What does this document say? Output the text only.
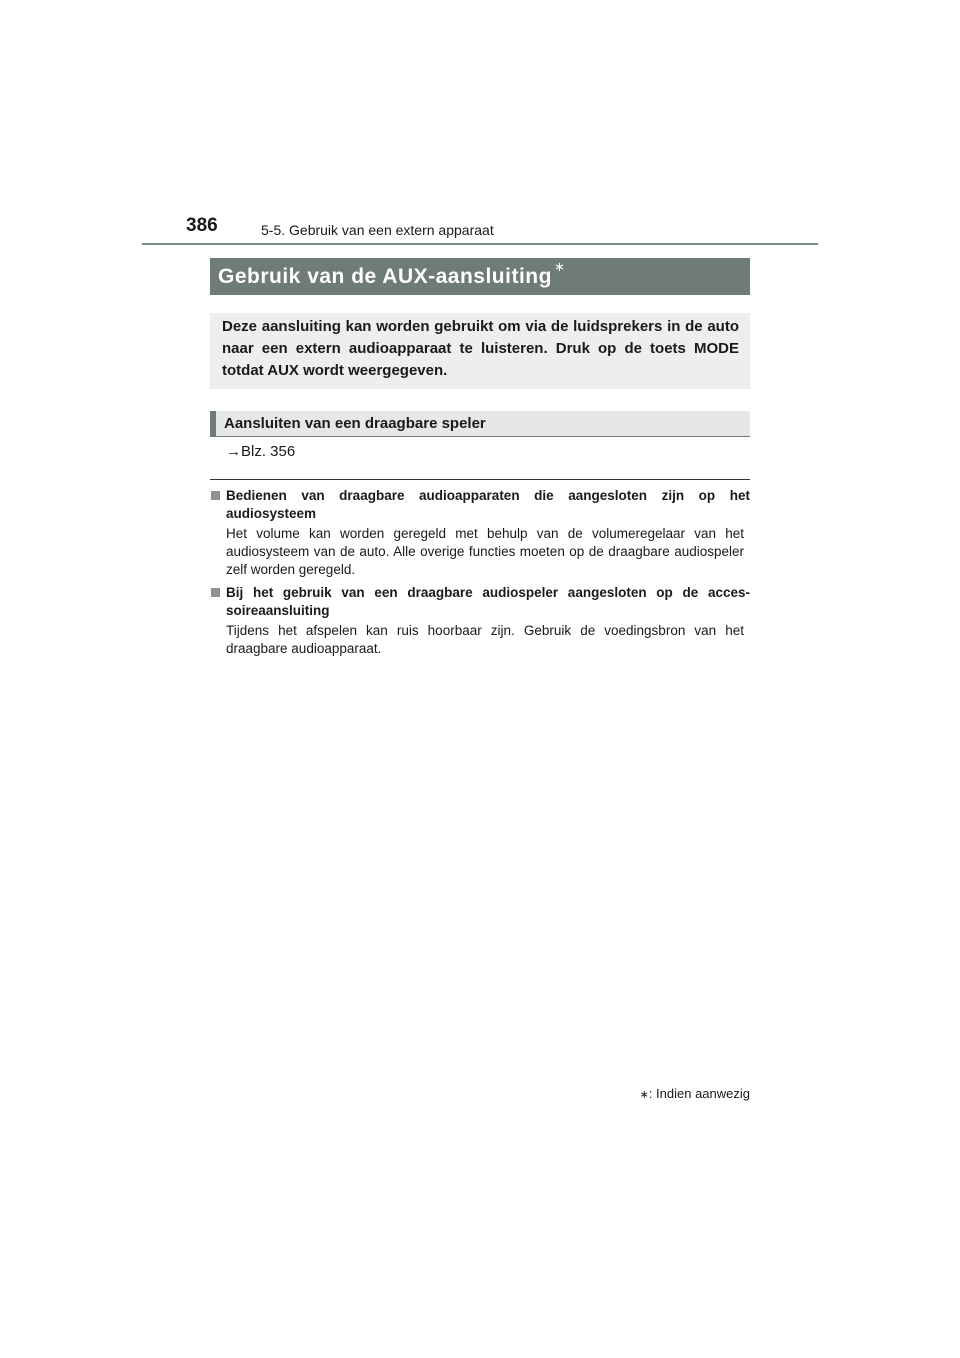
386	5-5. Gebruik van een extern apparaat
Gebruik van de AUX-aansluiting ∗
Deze aansluiting kan worden gebruikt om via de luidsprekers in de auto naar een extern audioapparaat te luisteren. Druk op de toets MODE totdat AUX wordt weergegeven.
Aansluiten van een draagbare speler
→Blz. 356
Bedienen van draagbare audioapparaten die aangesloten zijn op het audiosysteem
Het volume kan worden geregeld met behulp van de volumeregelaar van het audiosysteem van de auto. Alle overige functies moeten op de draagbare audiospeler zelf worden geregeld.
Bij het gebruik van een draagbare audiospeler aangesloten op de acces-soireaansluiting
Tijdens het afspelen kan ruis hoorbaar zijn. Gebruik de voedingsbron van het draagbare audioapparaat.
∗: Indien aanwezig
